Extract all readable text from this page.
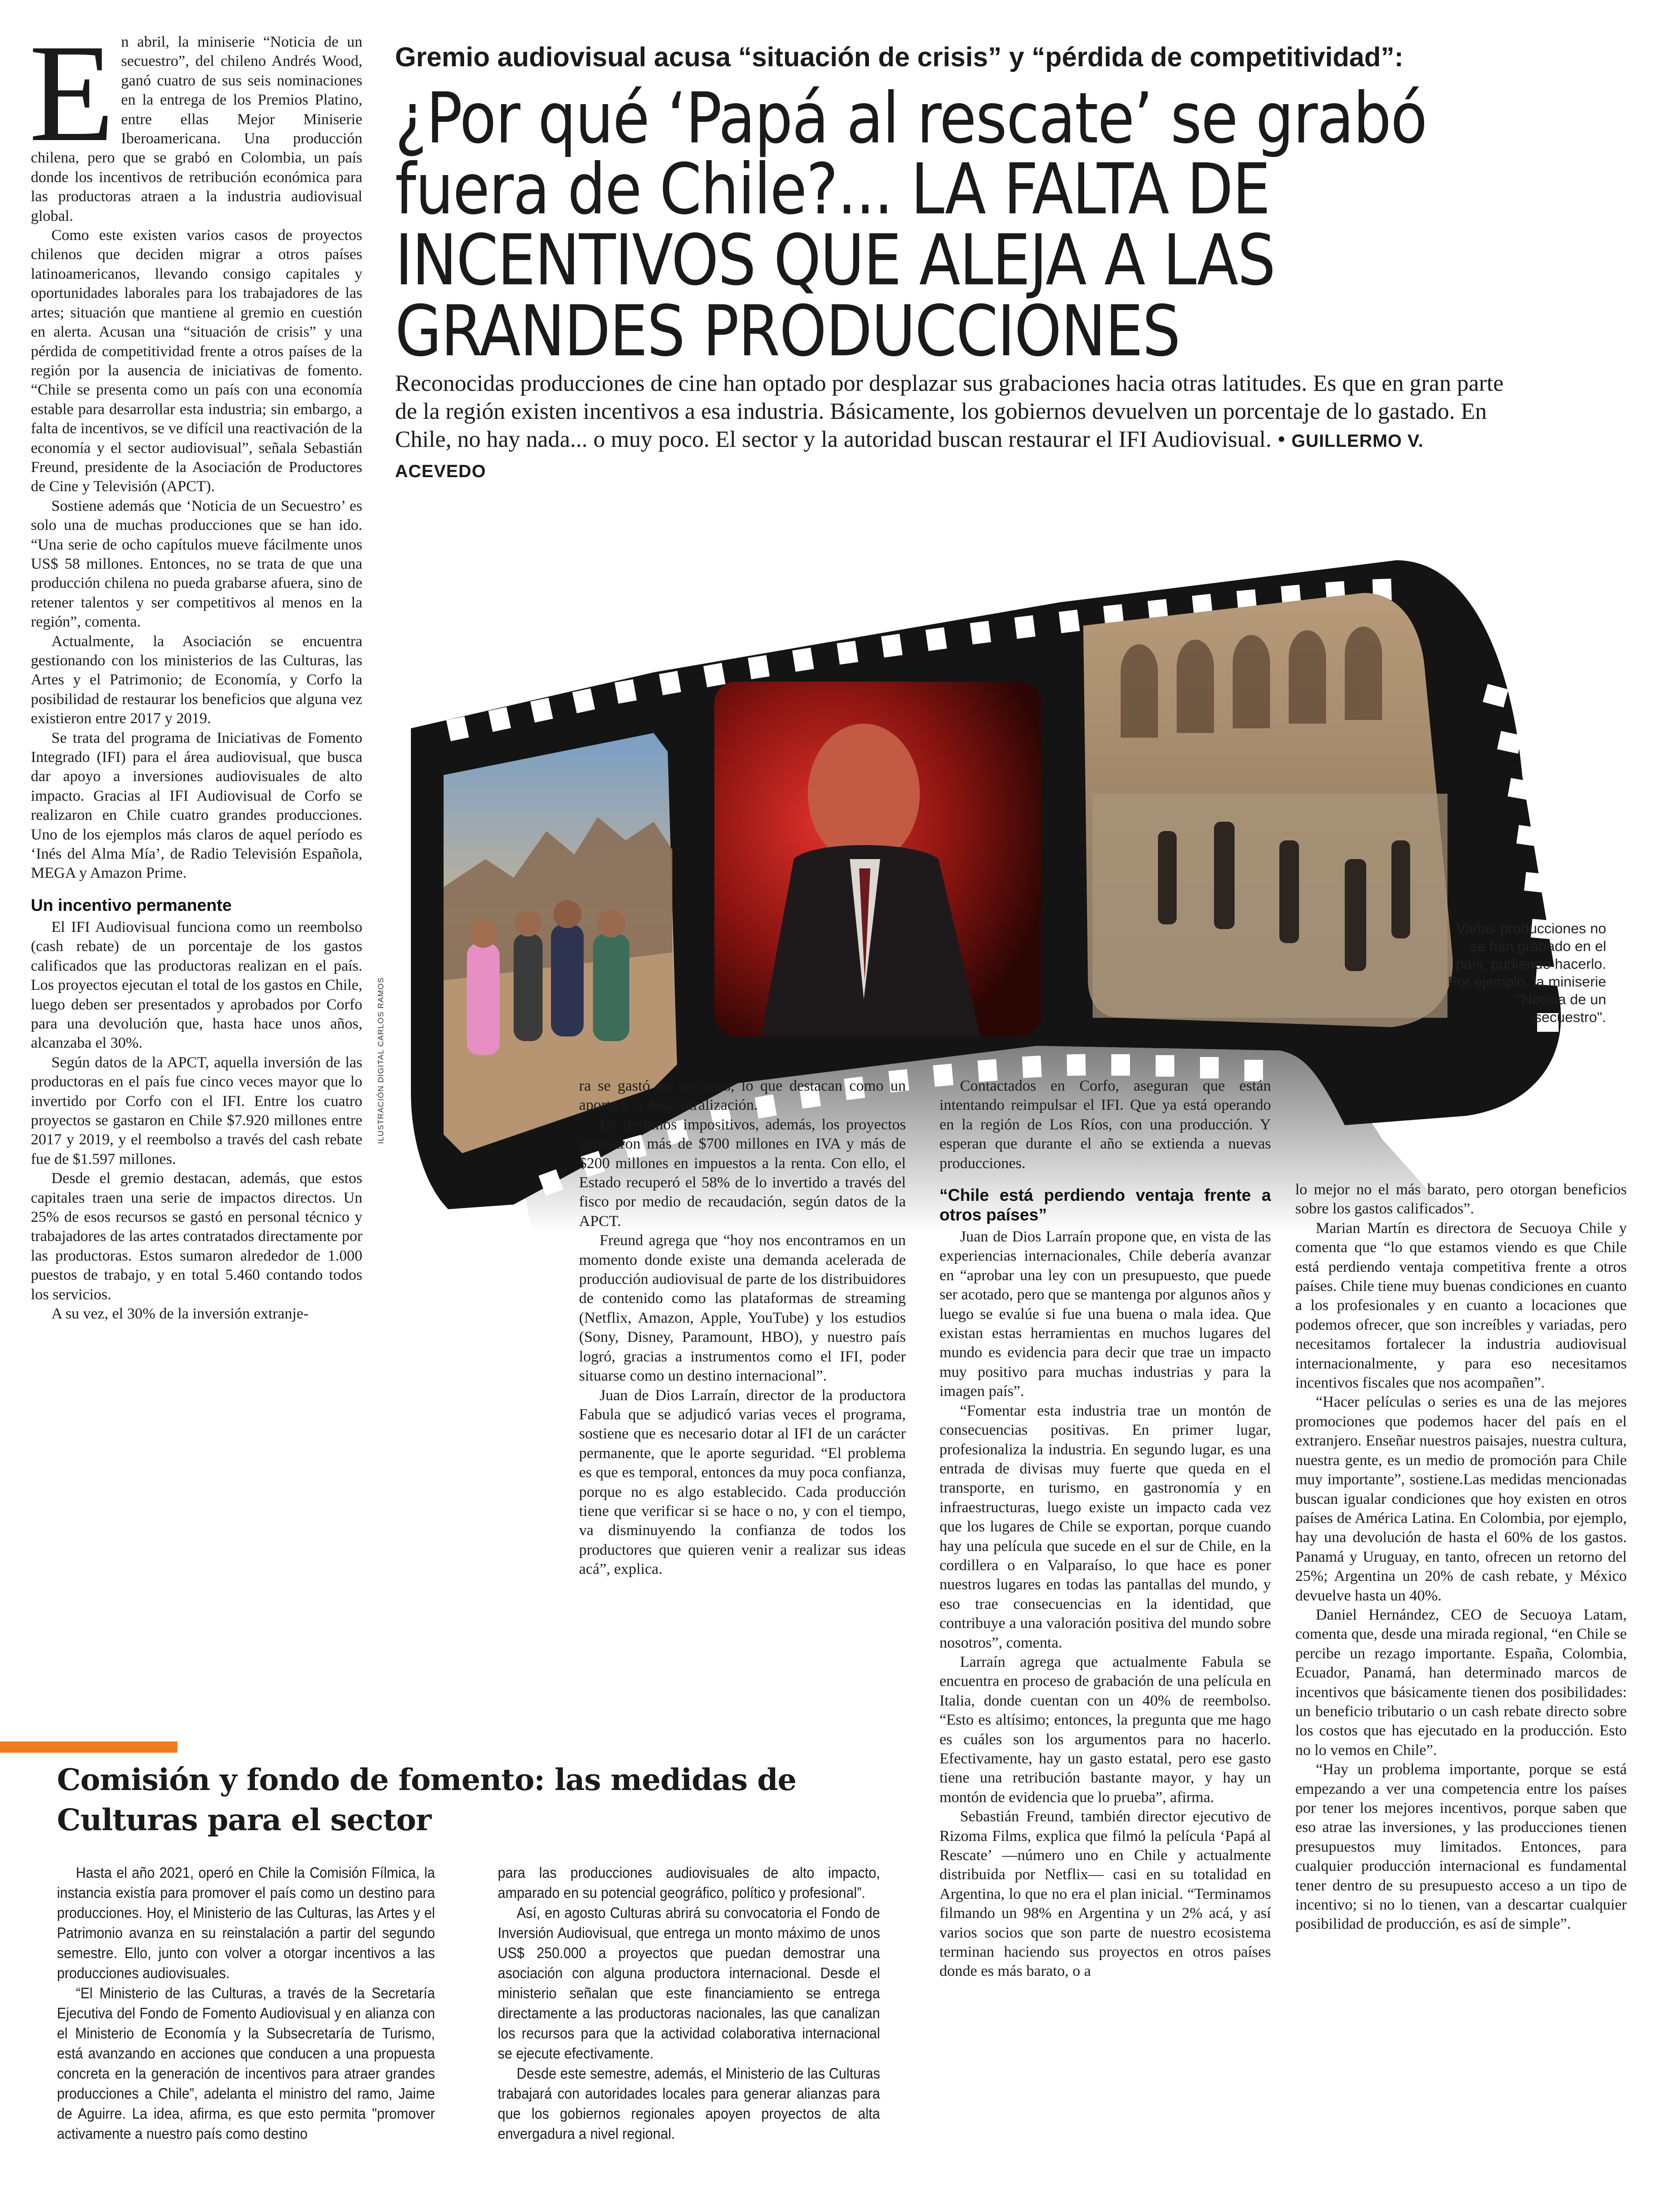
Gremio audiovisual acusa “situación de crisis” y “pérdida de competitividad”:
¿Por qué ‘Papá al rescate’ se grabó
fuera de Chile?... LA FALTA DE
INCENTIVOS QUE ALEJA A LAS
GRANDES PRODUCCIONES
Reconocidas producciones de cine han optado por desplazar sus grabaciones hacia otras latitudes. Es que en gran parte de la región existen incentivos a esa industria. Básicamente, los gobiernos devuelven un porcentaje de lo gastado. En Chile, no hay nada... o muy poco. El sector y la autoridad buscan restaurar el IFI Audiovisual. • GUILLERMO V. ACEVEDO
Varias producciones no se han grabado en el país, pudiendo hacerlo. Por ejemplo, la miniserie "Noticia de un secuestro".
ILUSTRACIÓN DIGITAL CARLOS RAMOS
E n abril, la miniserie “Noticia de un secuestro”, del chileno Andrés Wood, ganó cuatro de sus seis nominaciones en la entrega de los Premios Platino, entre ellas Mejor Miniserie Iberoamericana. Una producción chilena, pero que se grabó en Colombia, un país donde los incentivos de retribución económica para las productoras atraen a la industria audiovisual global.

Como este existen varios casos de proyectos chilenos que deciden migrar a otros países latinoamericanos, llevando consigo capitales y oportunidades laborales para los trabajadores de las artes; situación que mantiene al gremio en cuestión en alerta. Acusan una “situación de crisis” y una pérdida de competitividad frente a otros países de la región por la ausencia de iniciativas de fomento. “Chile se presenta como un país con una economía estable para desarrollar esta industria; sin embargo, a falta de incentivos, se ve difícil una reactivación de la economía y el sector audiovisual”, señala Sebastián Freund, presidente de la Asociación de Productores de Cine y Televisión (APCT).

Sostiene además que ‘Noticia de un Secuestro’ es solo una de muchas producciones que se han ido. “Una serie de ocho capítulos mueve fácilmente unos US$ 58 millones. Entonces, no se trata de que una producción chilena no pueda grabarse afuera, sino de retener talentos y ser competitivos al menos en la región”, comenta.

Actualmente, la Asociación se encuentra gestionando con los ministerios de las Culturas, las Artes y el Patrimonio; de Economía, y Corfo la posibilidad de restaurar los beneficios que alguna vez existieron entre 2017 y 2019.

Se trata del programa de Iniciativas de Fomento Integrado (IFI) para el área audiovisual, que busca dar apoyo a inversiones audiovisuales de alto impacto. Gracias al IFI Audiovisual de Corfo se realizaron en Chile cuatro grandes producciones. Uno de los ejemplos más claros de aquel período es ‘Inés del Alma Mía’, de Radio Televisión Española, MEGA y Amazon Prime.

Un incentivo permanente

El IFI Audiovisual funciona como un reembolso (cash rebate) de un porcentaje de los gastos calificados que las productoras realizan en el país. Los proyectos ejecutan el total de los gastos en Chile, luego deben ser presentados y aprobados por Corfo para una devolución que, hasta hace unos años, alcanzaba el 30%.

Según datos de la APCT, aquella inversión de las productoras en el país fue cinco veces mayor que lo invertido por Corfo con el IFI. Entre los cuatro proyectos se gastaron en Chile $7.920 millones entre 2017 y 2019, y el reembolso a través del cash rebate fue de $1.597 millones.

Desde el gremio destacan, además, que estos capitales traen una serie de impactos directos. Un 25% de esos recursos se gastó en personal técnico y trabajadores de las artes contratados directamente por las productoras. Estos sumaron alrededor de 1.000 puestos de trabajo, y en total 5.460 contando todos los servicios.

A su vez, el 30% de la inversión extranje-

ra se gastó en regiones, lo que destacan como un aporte a la descentralización.

En términos impositivos, además, los proyectos generaron más de $700 millones en IVA y más de $200 millones en impuestos a la renta. Con ello, el Estado recuperó el 58% de lo invertido a través del fisco por medio de recaudación, según datos de la APCT.

Freund agrega que “hoy nos encontramos en un momento donde existe una demanda acelerada de producción audiovisual de parte de los distribuidores de contenido como las plataformas de streaming (Netflix, Amazon, Apple, YouTube) y los estudios (Sony, Disney, Paramount, HBO), y nuestro país logró, gracias a instrumentos como el IFI, poder situarse como un destino internacional”.

Juan de Dios Larraín, director de la productora Fabula que se adjudicó varias veces el programa, sostiene que es necesario dotar al IFI de un carácter permanente, que le aporte seguridad. “El problema es que es temporal, entonces da muy poca confianza, porque no es algo establecido. Cada producción tiene que verificar si se hace o no, y con el tiempo, va disminuyendo la confianza de todos los productores que quieren venir a realizar sus ideas acá”, explica.

Contactados en Corfo, aseguran que están intentando reimpulsar el IFI. Que ya está operando en la región de Los Ríos, con una producción. Y esperan que durante el año se extienda a nuevas producciones.

“Chile está perdiendo ventaja frente a otros países”

Juan de Dios Larraín propone que, en vista de las experiencias internacionales, Chile debería avanzar en “aprobar una ley con un presupuesto, que puede ser acotado, pero que se mantenga por algunos años y luego se evalúe si fue una buena o mala idea. Que existan estas herramientas en muchos lugares del mundo es evidencia para decir que trae un impacto muy positivo para muchas industrias y para la imagen país”.

“Fomentar esta industria trae un montón de consecuencias positivas. En primer lugar, profesionaliza la industria. En segundo lugar, es una entrada de divisas muy fuerte que queda en el transporte, en turismo, en gastronomía y en infraestructuras, luego existe un impacto cada vez que los lugares de Chile se exportan, porque cuando hay una película que sucede en el sur de Chile, en la cordillera o en Valparaíso, lo que hace es poner nuestros lugares en todas las pantallas del mundo, y eso trae consecuencias en la identidad, que contribuye a una valoración positiva del mundo sobre nosotros”, comenta.

Larraín agrega que actualmente Fabula se encuentra en proceso de grabación de una película en Italia, donde cuentan con un 40% de reembolso. “Esto es altísimo; entonces, la pregunta que me hago es cuáles son los argumentos para no hacerlo. Efectivamente, hay un gasto estatal, pero ese gasto tiene una retribución bastante mayor, y hay un montón de evidencia que lo prueba”, afirma.

Sebastián Freund, también director ejecutivo de Rizoma Films, explica que filmó la película ‘Papá al Rescate’ —número uno en Chile y actualmente distribuida por Netflix— casi en su totalidad en Argentina, lo que no era el plan inicial. “Terminamos filmando un 98% en Argentina y un 2% acá, y así varios socios que son parte de nuestro ecosistema terminan haciendo sus proyectos en otros países donde es más barato, o a

lo mejor no el más barato, pero otorgan beneficios sobre los gastos calificados”.

Marian Martín es directora de Secuoya Chile y comenta que “lo que estamos viendo es que Chile está perdiendo ventaja competitiva frente a otros países. Chile tiene muy buenas condiciones en cuanto a los profesionales y en cuanto a locaciones que podemos ofrecer, que son increíbles y variadas, pero necesitamos fortalecer la industria audiovisual internacionalmente, y para eso necesitamos incentivos fiscales que nos acompañen”.

“Hacer películas o series es una de las mejores promociones que podemos hacer del país en el extranjero. Enseñar nuestros paisajes, nuestra cultura, nuestra gente, es un medio de promoción para Chile muy importante”, sostiene.Las medidas mencionadas buscan igualar condiciones que hoy existen en otros países de América Latina. En Colombia, por ejemplo, hay una devolución de hasta el 60% de los gastos. Panamá y Uruguay, en tanto, ofrecen un retorno del 25%; Argentina un 20% de cash rebate, y México devuelve hasta un 40%.

Daniel Hernández, CEO de Secuoya Latam, comenta que, desde una mirada regional, “en Chile se percibe un rezago importante. España, Colombia, Ecuador, Panamá, han determinado marcos de incentivos que básicamente tienen dos posibilidades: un beneficio tributario o un cash rebate directo sobre los costos que has ejecutado en la producción. Esto no lo vemos en Chile”.

“Hay un problema importante, porque se está empezando a ver una competencia entre los países por tener los mejores incentivos, porque saben que eso atrae las inversiones, y las producciones tienen presupuestos muy limitados. Entonces, para cualquier producción internacional es fundamental tener dentro de su presupuesto acceso a un tipo de incentivo; si no lo tienen, van a descartar cualquier posibilidad de producción, es así de simple”.

Comisión y fondo de fomento: las medidas de
Culturas para el sector

Hasta el año 2021, operó en Chile la Comisión Fílmica, la instancia existía para promover el país como un destino para producciones. Hoy, el Ministerio de las Culturas, las Artes y el Patrimonio avanza en su reinstalación a partir del segundo semestre. Ello, junto con volver a otorgar incentivos a las producciones audiovisuales.

“El Ministerio de las Culturas, a través de la Secretaría Ejecutiva del Fondo de Fomento Audiovisual y en alianza con el Ministerio de Economía y la Subsecretaría de Turismo, está avanzando en acciones que conducen a una propuesta concreta en la generación de incentivos para atraer grandes producciones a Chile”, adelanta el ministro del ramo, Jaime de Aguirre. La idea, afirma, es que esto permita "promover activamente a nuestro país como destino

para las producciones audiovisuales de alto impacto, amparado en su potencial geográfico, político y profesional”.

Así, en agosto Culturas abrirá su convocatoria el Fondo de Inversión Audiovisual, que entrega un monto máximo de unos US$ 250.000 a proyectos que puedan demostrar una asociación con alguna productora internacional. Desde el ministerio señalan que este financiamiento se entrega directamente a las productoras nacionales, las que canalizan los recursos para que la actividad colaborativa internacional se ejecute efectivamente.

Desde este semestre, además, el Ministerio de las Culturas trabajará con autoridades locales para generar alianzas para que los gobiernos regionales apoyen proyectos de alta envergadura a nivel regional.
